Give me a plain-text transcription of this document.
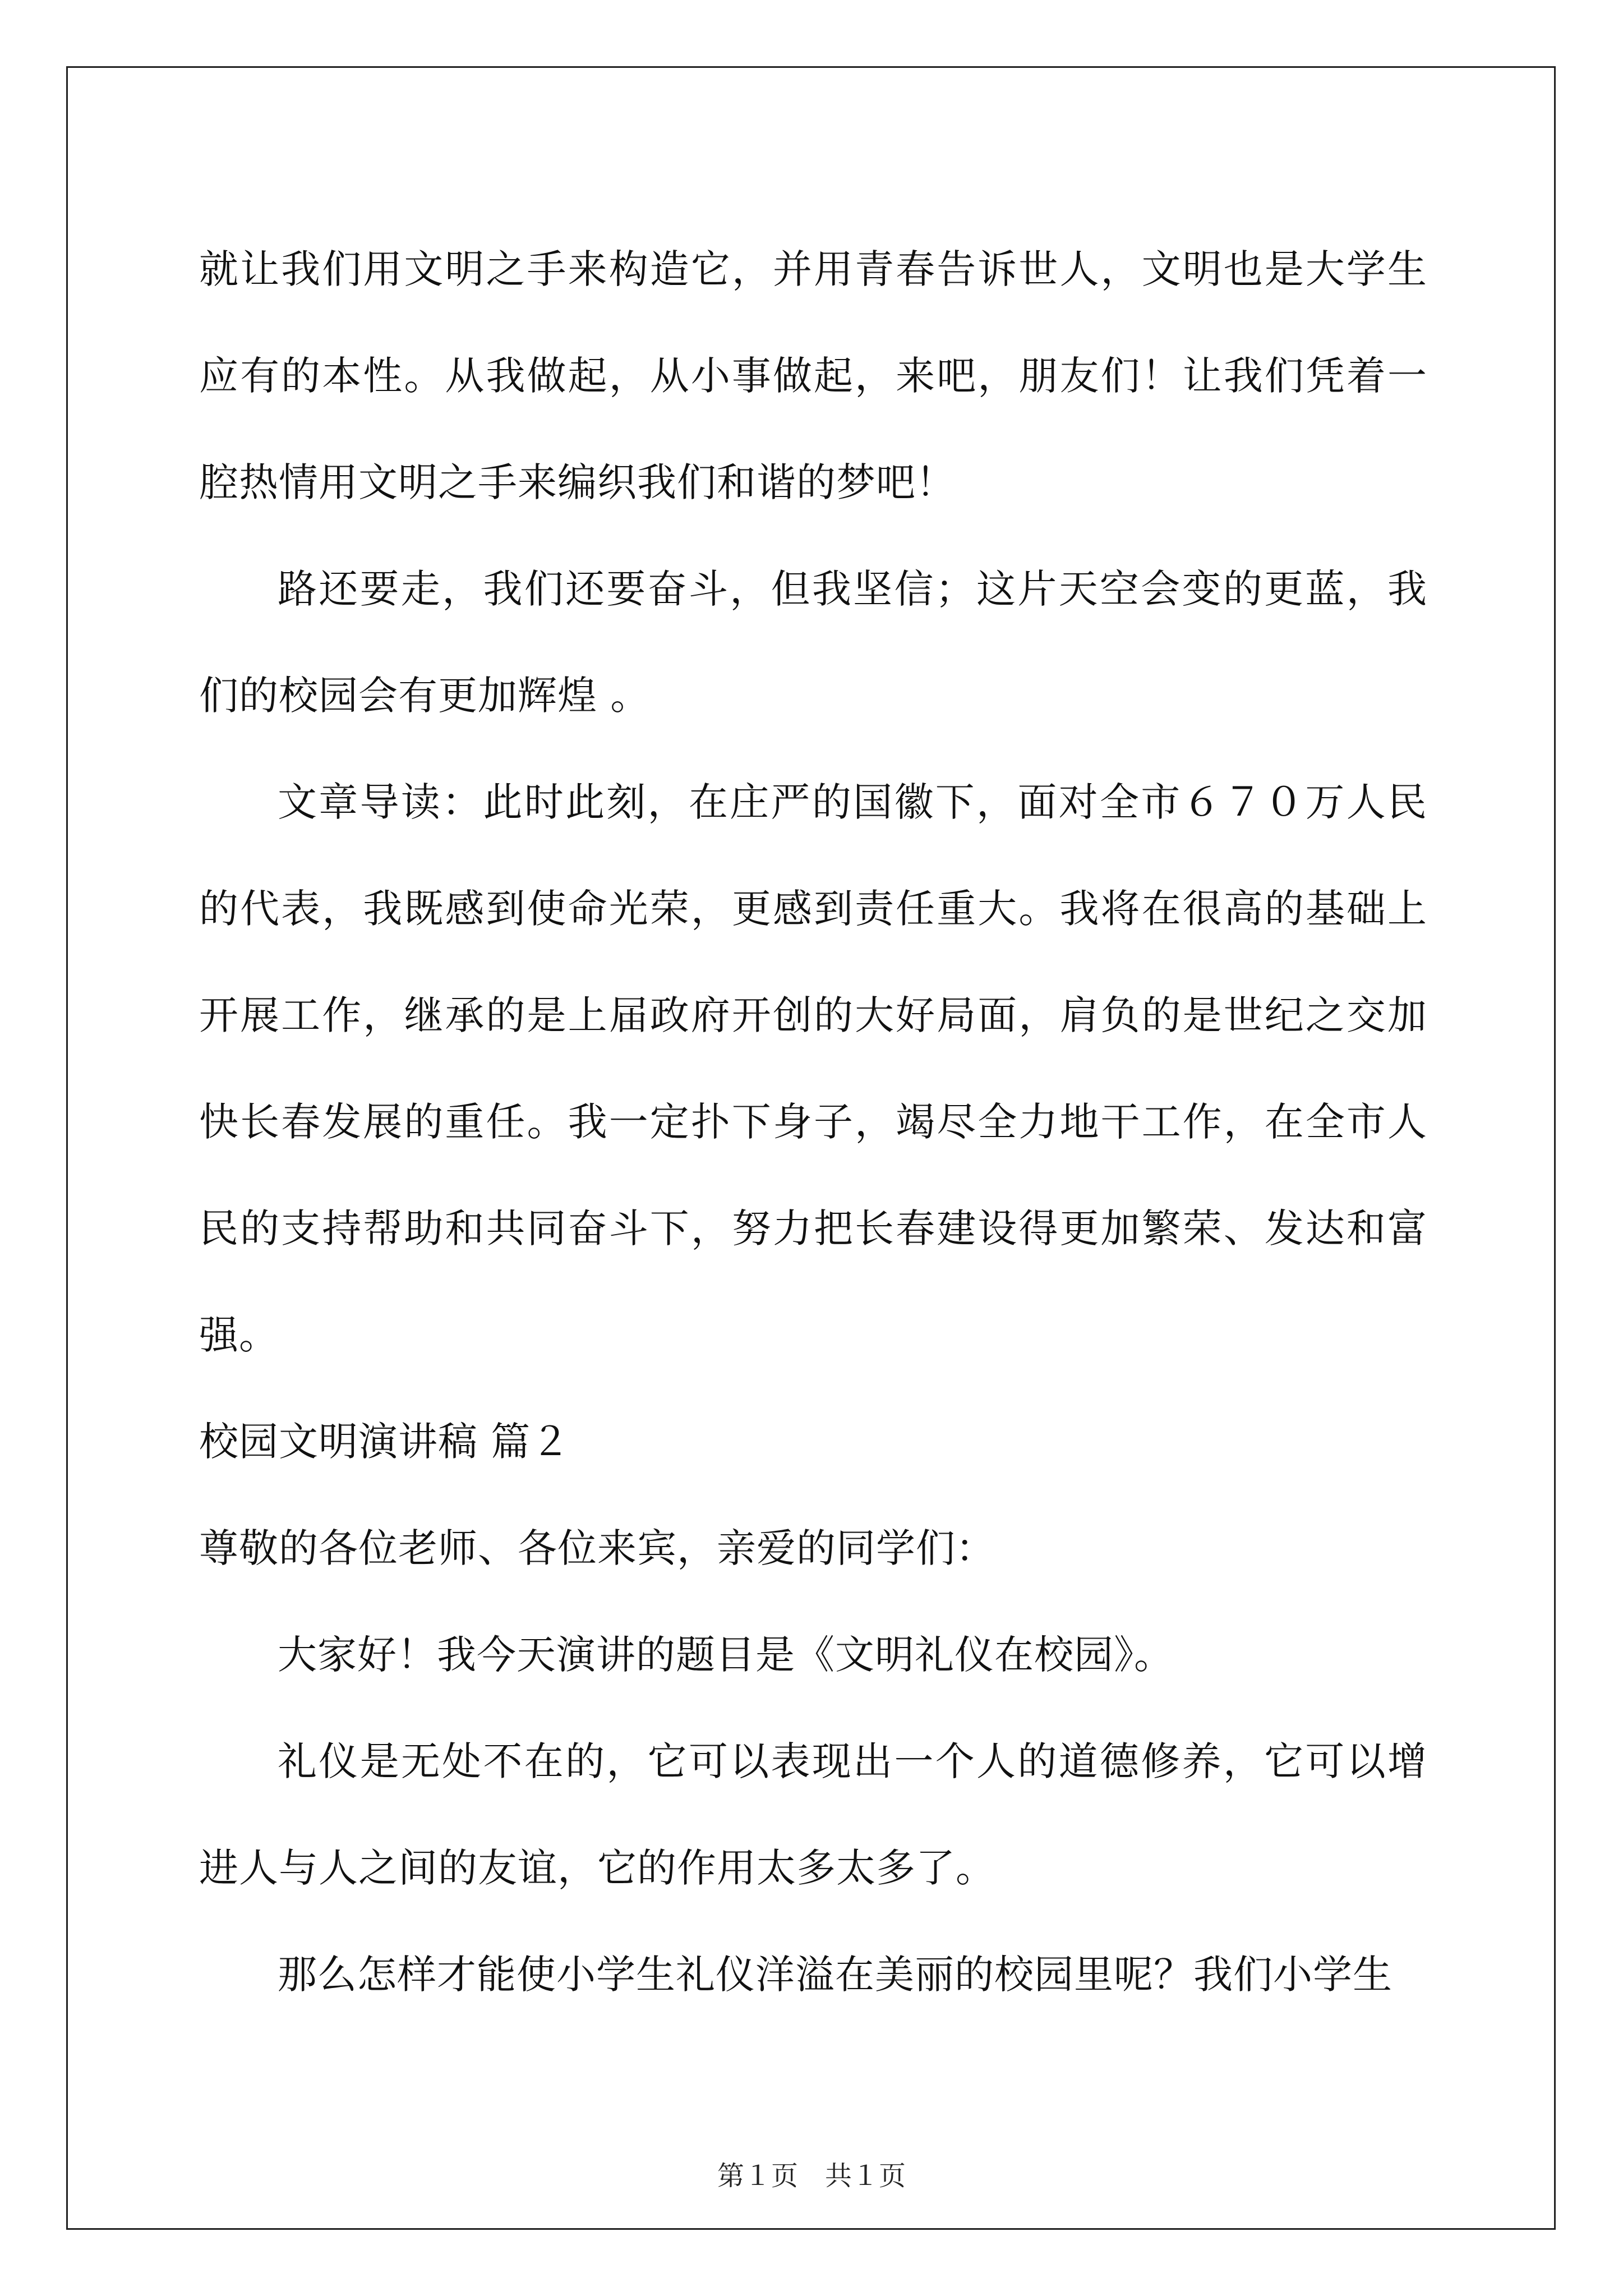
就让我们用文明之手来构造它，并用青春告诉世人，文明也是大学生应有的本性。从我做起，从小事做起，来吧，朋友们！让我们凭着一腔热情用文明之手来编织我们和谐的梦吧！

路还要走，我们还要奋斗，但我坚信；这片天空会变的更蓝，我们的校园会有更加辉煌 。

文章导读：此时此刻，在庄严的国徽下，面对全市６７０万人民的代表，我既感到使命光荣，更感到责任重大。我将在很高的基础上开展工作，继承的是上届政府开创的大好局面，肩负的是世纪之交加快长春发展的重任。我一定扑下身子，竭尽全力地干工作，在全市人民的支持帮助和共同奋斗下，努力把长春建设得更加繁荣、发达和富强。

校园文明演讲稿 篇２

尊敬的各位老师、各位来宾，亲爱的同学们：

大家好！我今天演讲的题目是《文明礼仪在校园》。

礼仪是无处不在的，它可以表现出一个人的道德修养，它可以增进人与人之间的友谊，它的作用太多太多了。

那么怎样才能使小学生礼仪洋溢在美丽的校园里呢？我们小学生

第１页　共１页
